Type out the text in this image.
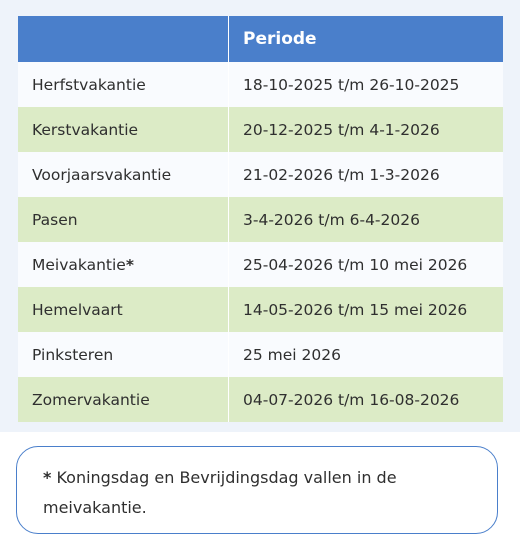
	Periode
Herfstvakantie	18-10-2025 t/m 26-10-2025
Kerstvakantie	20-12-2025 t/m 4-1-2026
Voorjaarsvakantie	21-02-2026 t/m 1-3-2026
Pasen	3-4-2026 t/m 6-4-2026
Meivakantie*	25-04-2026 t/m 10 mei 2026
Hemelvaart	14-05-2026 t/m 15 mei 2026
Pinksteren	25 mei 2026
Zomervakantie	04-07-2026 t/m 16-08-2026
* Koningsdag en Bevrijdingsdag vallen in de meivakantie.
